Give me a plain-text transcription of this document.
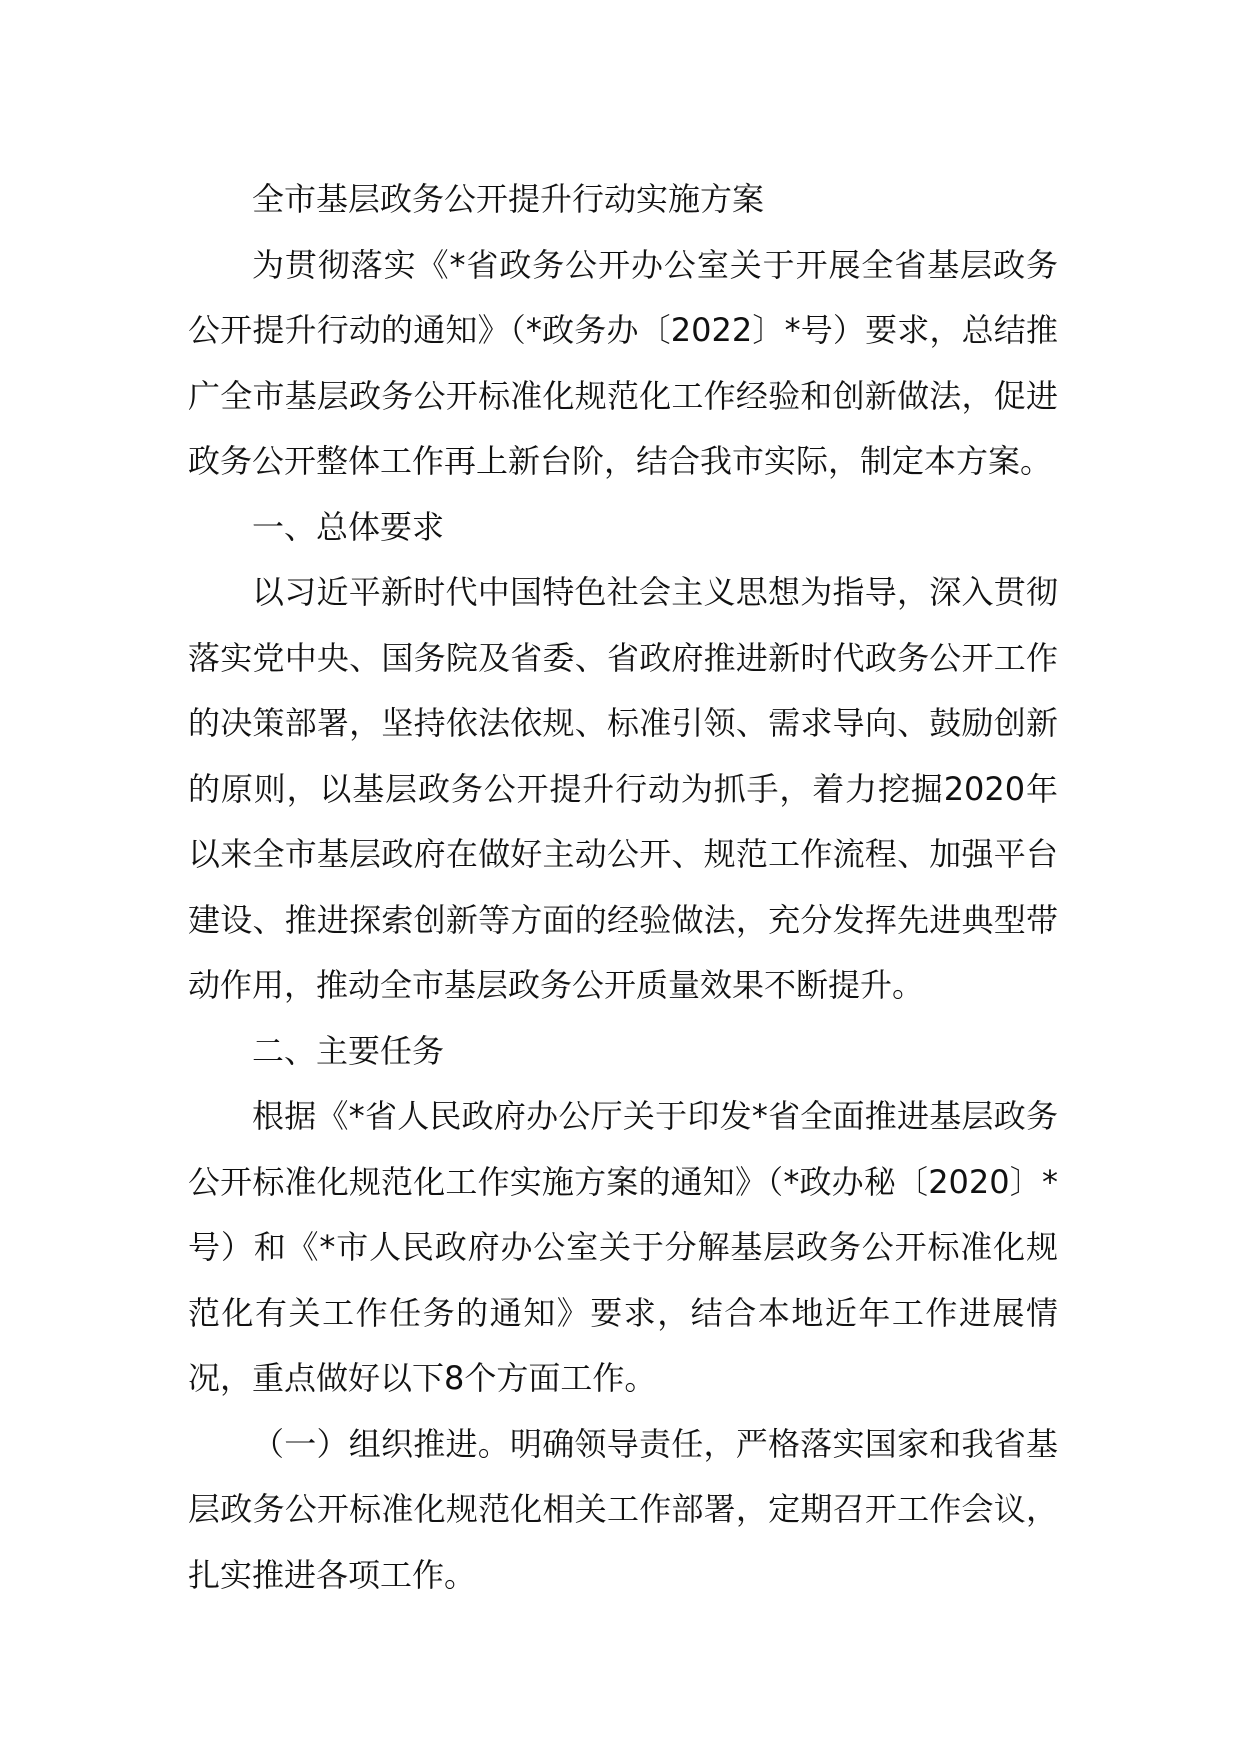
全市基层政务公开提升行动实施方案

为贯彻落实《*省政务公开办公室关于开展全省基层政务公开提升行动的通知》（*政务办〔2022〕*号）要求，总结推广全市基层政务公开标准化规范化工作经验和创新做法，促进政务公开整体工作再上新台阶，结合我市实际，制定本方案。

一、总体要求

以习近平新时代中国特色社会主义思想为指导，深入贯彻落实党中央、国务院及省委、省政府推进新时代政务公开工作的决策部署，坚持依法依规、标准引领、需求导向、鼓励创新的原则，以基层政务公开提升行动为抓手，着力挖掘2020年以来全市基层政府在做好主动公开、规范工作流程、加强平台建设、推进探索创新等方面的经验做法，充分发挥先进典型带动作用，推动全市基层政务公开质量效果不断提升。

二、主要任务

根据《*省人民政府办公厅关于印发*省全面推进基层政务公开标准化规范化工作实施方案的通知》（*政办秘〔2020〕*号）和《*市人民政府办公室关于分解基层政务公开标准化规范化有关工作任务的通知》要求，结合本地近年工作进展情况，重点做好以下8个方面工作。

（一）组织推进。明确领导责任，严格落实国家和我省基层政务公开标准化规范化相关工作部署，定期召开工作会议，扎实推进各项工作。
